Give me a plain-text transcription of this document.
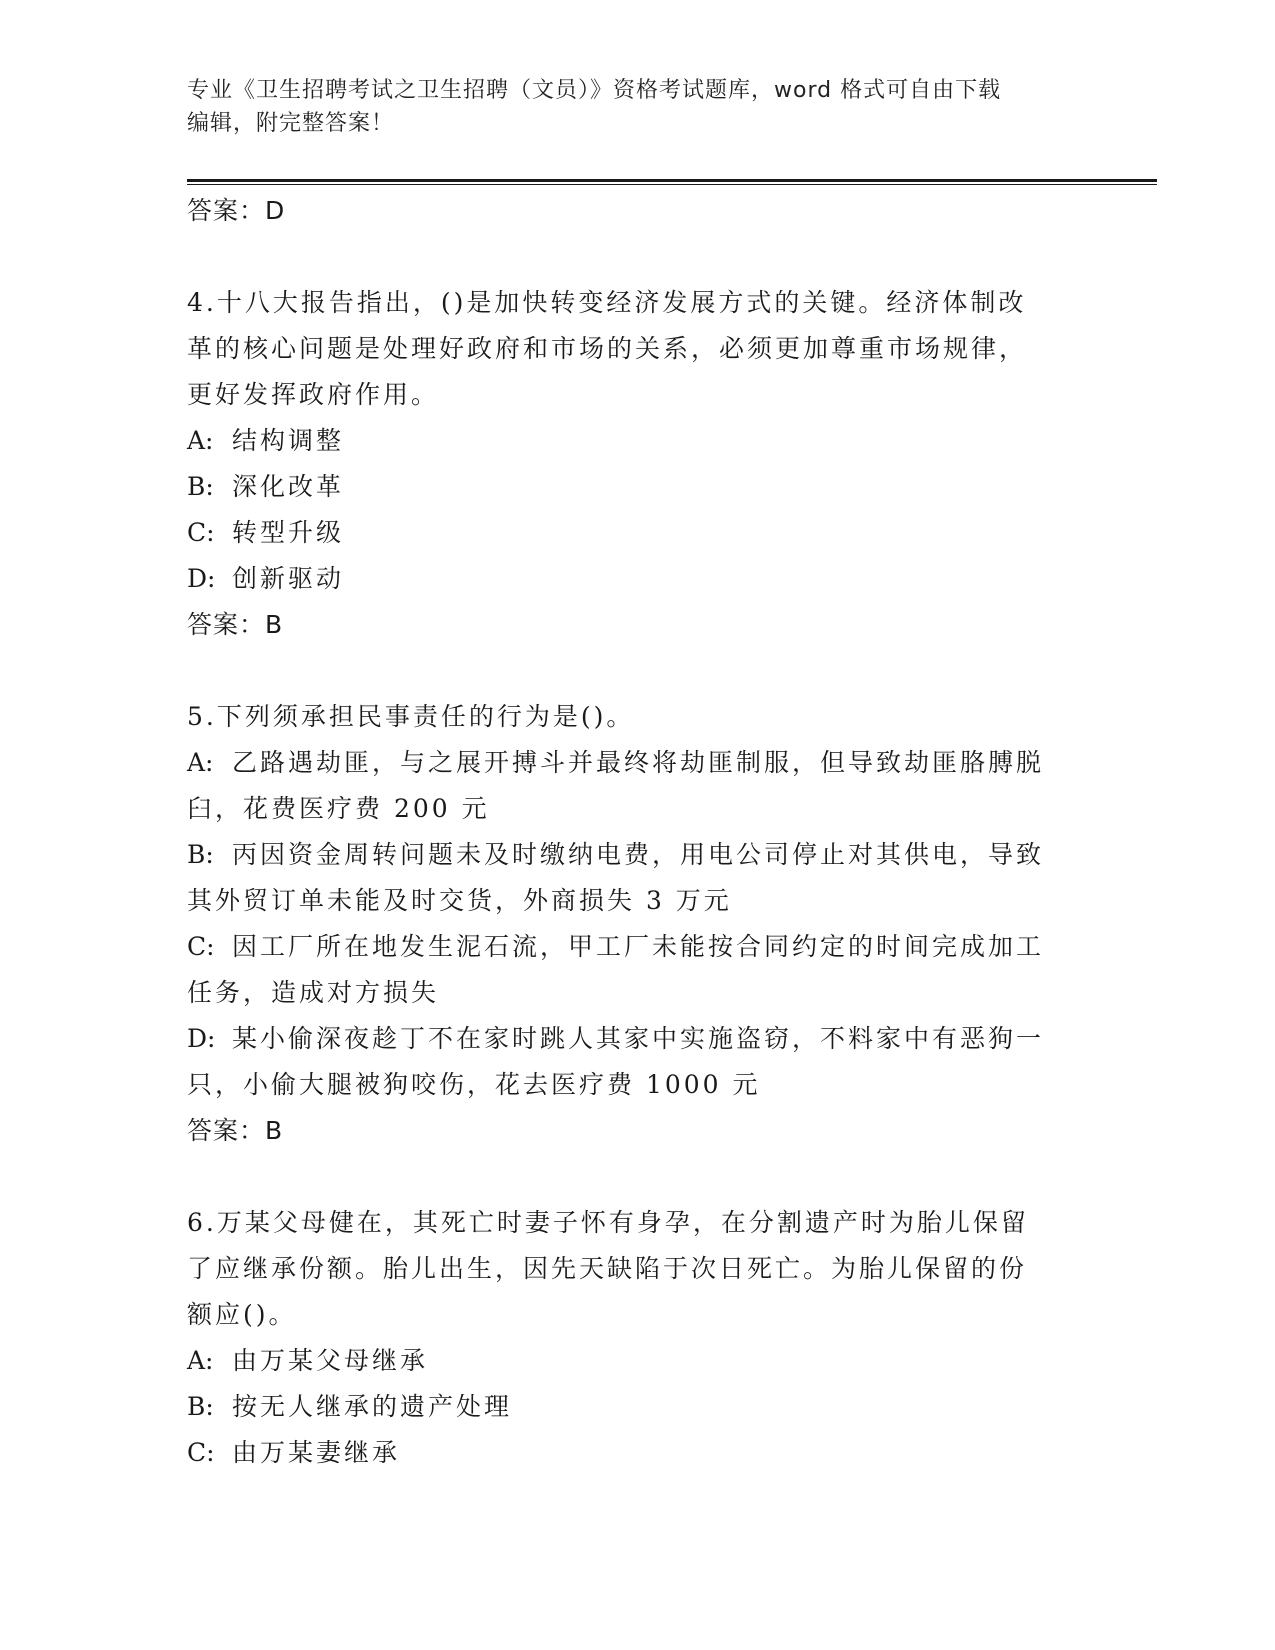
专业《卫生招聘考试之卫生招聘（文员）》资格考试题库，word 格式可自由下载
编辑，附完整答案！

答案：D

4.十八大报告指出，()是加快转变经济发展方式的关键。经济体制改

革的核心问题是处理好政府和市场的关系，必须更加尊重市场规律，

更好发挥政府作用。

A: 结构调整

B: 深化改革

C: 转型升级

D: 创新驱动

答案：B

5.下列须承担民事责任的行为是()。

A: 乙路遇劫匪，与之展开搏斗并最终将劫匪制服，但导致劫匪胳膊脱

臼，花费医疗费 200 元

B: 丙因资金周转问题未及时缴纳电费，用电公司停止对其供电，导致

其外贸订单未能及时交货，外商损失 3 万元

C: 因工厂所在地发生泥石流，甲工厂未能按合同约定的时间完成加工

任务，造成对方损失

D: 某小偷深夜趁丁不在家时跳人其家中实施盗窃，不料家中有恶狗一

只，小偷大腿被狗咬伤，花去医疗费 1000 元

答案：B

6.万某父母健在，其死亡时妻子怀有身孕，在分割遗产时为胎儿保留

了应继承份额。胎儿出生，因先天缺陷于次日死亡。为胎儿保留的份

额应()。

A: 由万某父母继承

B: 按无人继承的遗产处理

C: 由万某妻继承
